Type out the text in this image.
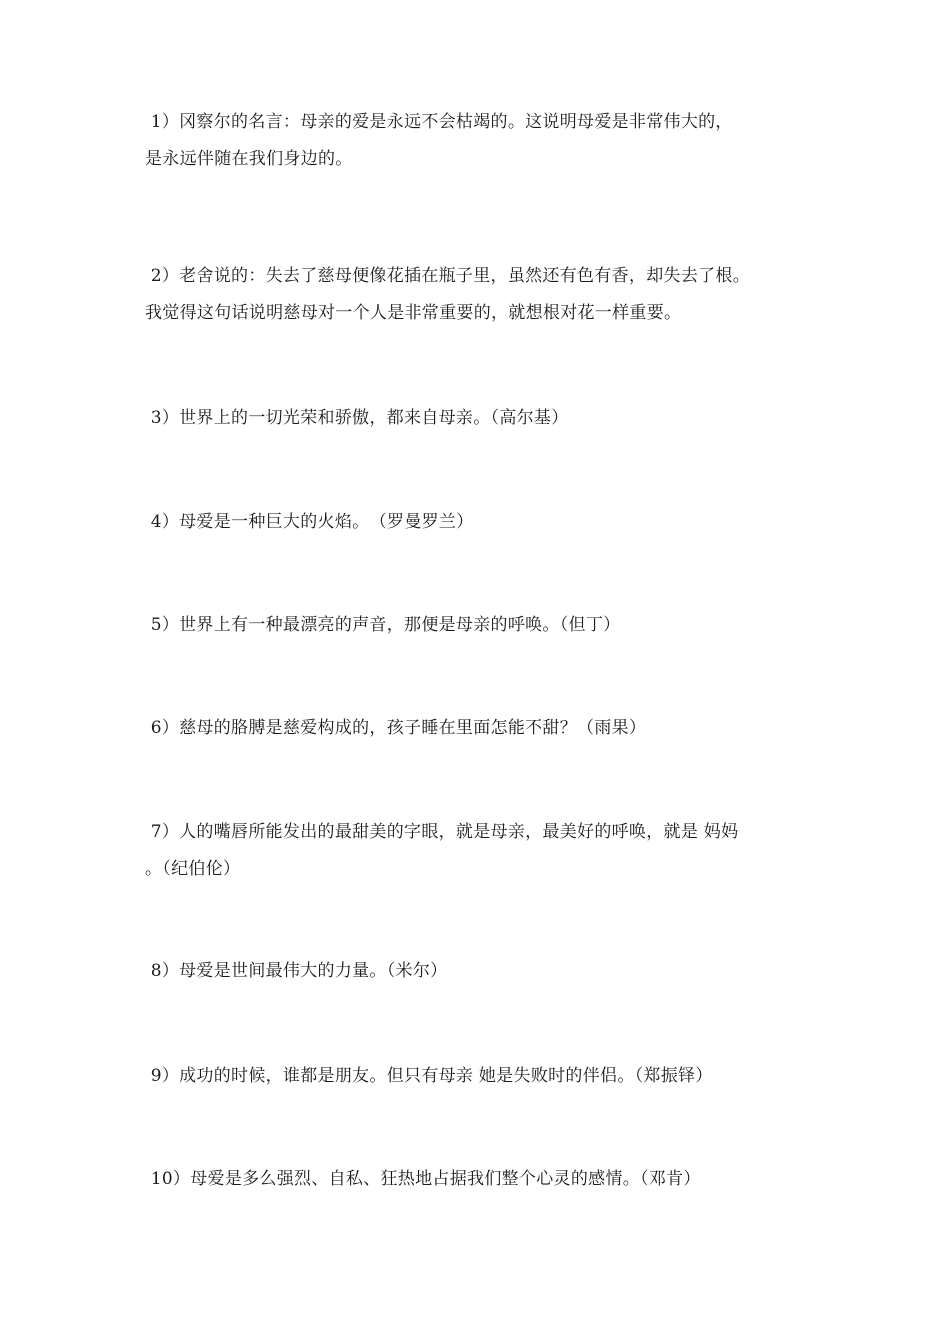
1）冈察尔的名言：母亲的爱是永远不会枯竭的。这说明母爱是非常伟大的，
是永远伴随在我们身边的。

2）老舍说的：失去了慈母便像花插在瓶子里，虽然还有色有香，却失去了根。
我觉得这句话说明慈母对一个人是非常重要的，就想根对花一样重要。

3）世界上的一切光荣和骄傲，都来自母亲。（高尔基）

4）母爱是一种巨大的火焰。　（罗曼罗兰）

5）世界上有一种最漂亮的声音，那便是母亲的呼唤。（但丁）

6）慈母的胳膊是慈爱构成的，孩子睡在里面怎能不甜？（雨果）

7）人的嘴唇所能发出的最甜美的字眼，就是母亲，最美好的呼唤，就是 妈妈
。（纪伯伦）

8）母爱是世间最伟大的力量。（米尔）

9）成功的时候，谁都是朋友。但只有母亲 她是失败时的伴侣。（郑振铎）

10）母爱是多么强烈、自私、狂热地占据我们整个心灵的感情。（邓肯）
